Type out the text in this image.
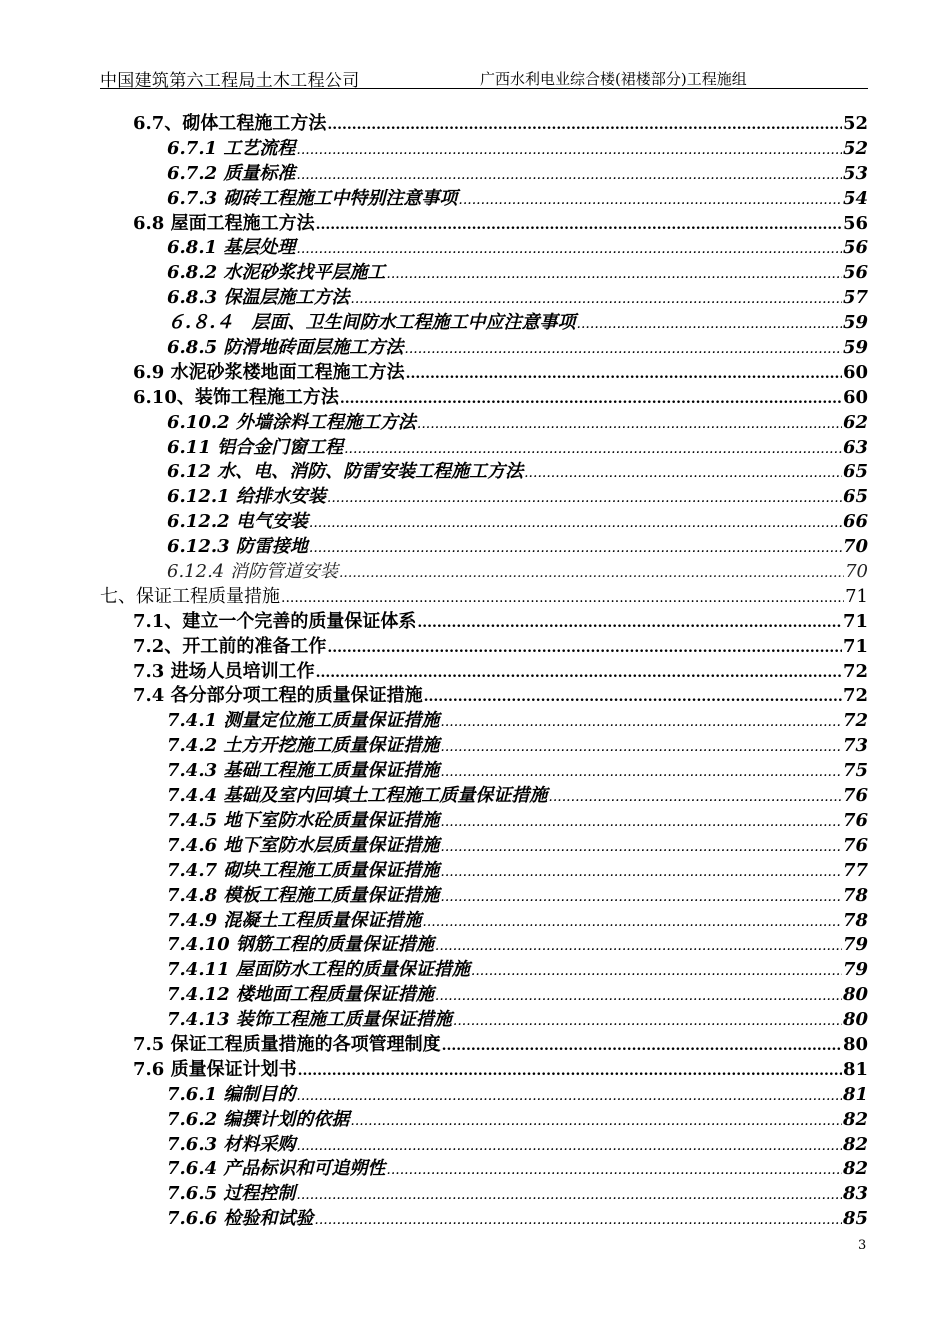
中国建筑第六工程局土木工程公司	广西水利电业综合楼(裙楼部分)工程施组
6.7、砌体工程施工方法 .....	52
6.7.1 工艺流程 .....	52
6.7.2 质量标准 .....	53
6.7.3 砌砖工程施工中特别注意事项 .....	54
6.8 屋面工程施工方法 .....	56
6.8.1 基层处理 .....	56
6.8.2 水泥砂浆找平层施工 .....	56
6.8.3 保温层施工方法 .....	57
６.８.４　层面、卫生间防水工程施工中应注意事项 .....	59
6.8.5 防滑地砖面层施工方法 .....	59
6.9 水泥砂浆楼地面工程施工方法 .....	60
6.10、装饰工程施工方法 .....	60
6.10.2 外墙涂料工程施工方法 .....	62
6.11 铝合金门窗工程 .....	63
6.12 水、电、消防、防雷安装工程施工方法 .....	65
6.12.1 给排水安装 .....	65
6.12.2 电气安装 .....	66
6.12.3 防雷接地 .....	70
6.12.4 消防管道安装 .....	70
七、保证工程质量措施 .....	71
7.1、建立一个完善的质量保证体系 .....	71
7.2、开工前的准备工作 .....	71
7.3 进场人员培训工作 .....	72
7.4 各分部分项工程的质量保证措施 .....	72
7.4.1 测量定位施工质量保证措施 .....	72
7.4.2 土方开挖施工质量保证措施 .....	73
7.4.3 基础工程施工质量保证措施 .....	75
7.4.4 基础及室内回填土工程施工质量保证措施 .....	76
7.4.5 地下室防水砼质量保证措施 .....	76
7.4.6 地下室防水层质量保证措施 .....	76
7.4.7 砌块工程施工质量保证措施 .....	77
7.4.8 模板工程施工质量保证措施 .....	78
7.4.9 混凝土工程质量保证措施 .....	78
7.4.10 钢筋工程的质量保证措施 .....	79
7.4.11 屋面防水工程的质量保证措施 .....	79
7.4.12 楼地面工程质量保证措施 .....	80
7.4.13 装饰工程施工质量保证措施 .....	80
7.5 保证工程质量措施的各项管理制度 .....	80
7.6 质量保证计划书 .....	81
7.6.1 编制目的 .....	81
7.6.2 编撰计划的依据 .....	82
7.6.3 材料采购 .....	82
7.6.4 产品标识和可追朔性 .....	82
7.6.5 过程控制 .....	83
7.6.6 检验和试验 .....	85
3
